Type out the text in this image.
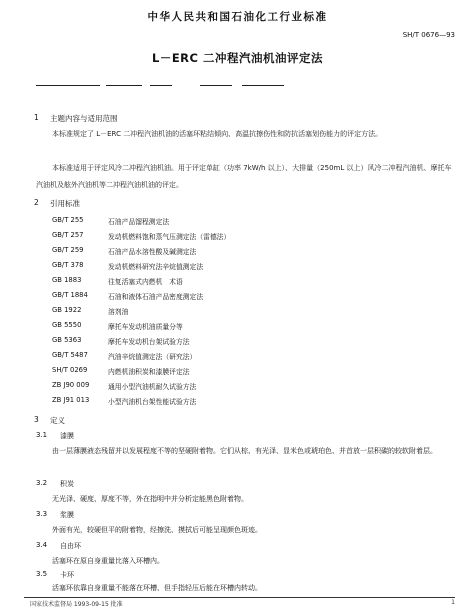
中华人民共和国石油化工行业标准
SH/T 0676—93
L－ERC 二冲程汽油机油评定法
1 主题内容与适用范围
本标准规定了 L－ERC 二冲程汽油机油的活塞环粘结倾向、高温抗擦伤性和防抗活塞划伤能力的评定方法。
本标准适用于评定风冷二冲程汽油机油。用于评定单缸（功率 7kW/h 以上）、大排量（250mL 以上）风冷二冲程汽油机、摩托车汽油机及舷外汽油机等二冲程汽油机油的评定。
2 引用标准
GB/T 255	石油产品馏程测定法
GB/T 257	发动机燃料饱和蒸气压测定法（雷德法）
GB/T 259	石油产品水溶性酸及碱测定法
GB/T 378	发动机燃料研究法辛烷值测定法
GB 1883	往复活塞式内燃机　术语
GB/T 1884	石油和液体石油产品密度测定法
GB 1922	溶剂油
GB 5550	摩托车发动机油质量分等
GB 5363	摩托车发动机台架试验方法
GB/T 5487	汽油辛烷值测定法（研究法）
SH/T 0269	内燃机油积炭和漆膜评定法
ZB J90 009	通用小型汽油机耐久试验方法
ZB J91 013	小型汽油机台架性能试验方法
3 定义
3.1 漆膜
由一层薄膜液态残留并以发展程度不等的坚硬附着物。它们从棕、有光泽、显米色或琥珀色、并首放一层积碳的较软附着层。
3.2 积炭
无光泽、硬度、厚度不等，外在指明中并分析定能黑色附着物。
3.3 浆膜
外面有光，较硬但平的附着物，经擦洗、摸拭后可能呈现颜色斑迹。
3.4 自由环
活塞环在原自身重量比落入环槽内。
3.5 卡环
活塞环依靠自身重量不能落在环槽、但手指轻压后能在环槽内转动。
国家技术监督局 1993-09-15 批准	1
